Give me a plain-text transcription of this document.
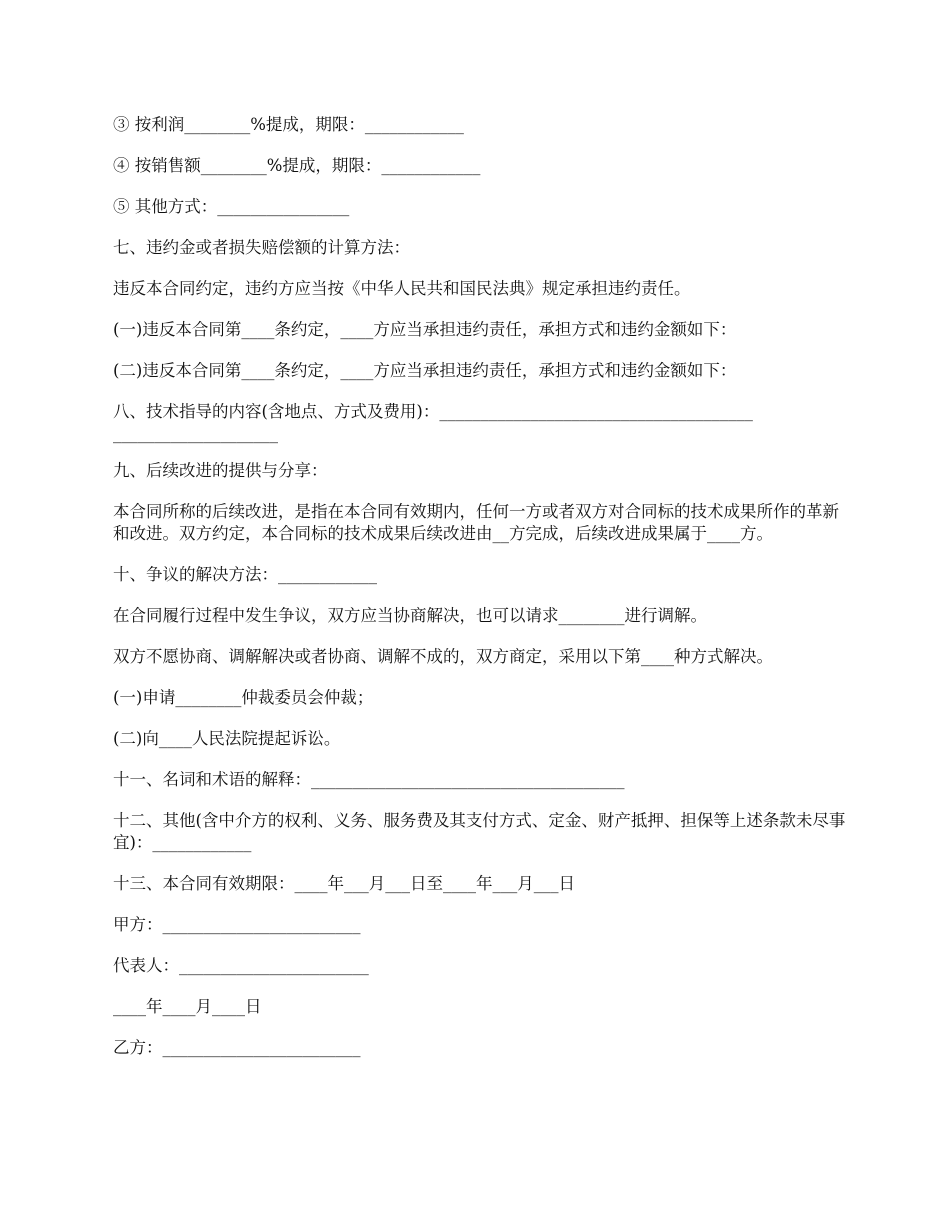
③ 按利润________%提成，期限：____________

④ 按销售额________%提成，期限：____________

⑤ 其他方式：________________

七、违约金或者损失赔偿额的计算方法：

违反本合同约定，违约方应当按《中华人民共和国民法典》规定承担违约责任。

(一)违反本合同第____条约定，____方应当承担违约责任，承担方式和违约金额如下：

(二)违反本合同第____条约定，____方应当承担违约责任，承担方式和违约金额如下：

八、技术指导的内容(含地点、方式及费用)：______________________________________
____________________

九、后续改进的提供与分享：

本合同所称的后续改进，是指在本合同有效期内，任何一方或者双方对合同标的技术成果所作的革新和改进。双方约定，本合同标的技术成果后续改进由__方完成，后续改进成果属于____方。

十、争议的解决方法：____________

在合同履行过程中发生争议，双方应当协商解决，也可以请求________进行调解。

双方不愿协商、调解解决或者协商、调解不成的，双方商定，采用以下第____种方式解决。

(一)申请________仲裁委员会仲裁；

(二)向____人民法院提起诉讼。

十一、名词和术语的解释：______________________________________

十二、其他(含中介方的权利、义务、服务费及其支付方式、定金、财产抵押、担保等上述条款未尽事宜)：____________

十三、本合同有效期限：____年___月___日至____年___月___日

甲方：________________________

代表人：_______________________

____年____月____日

乙方：________________________
